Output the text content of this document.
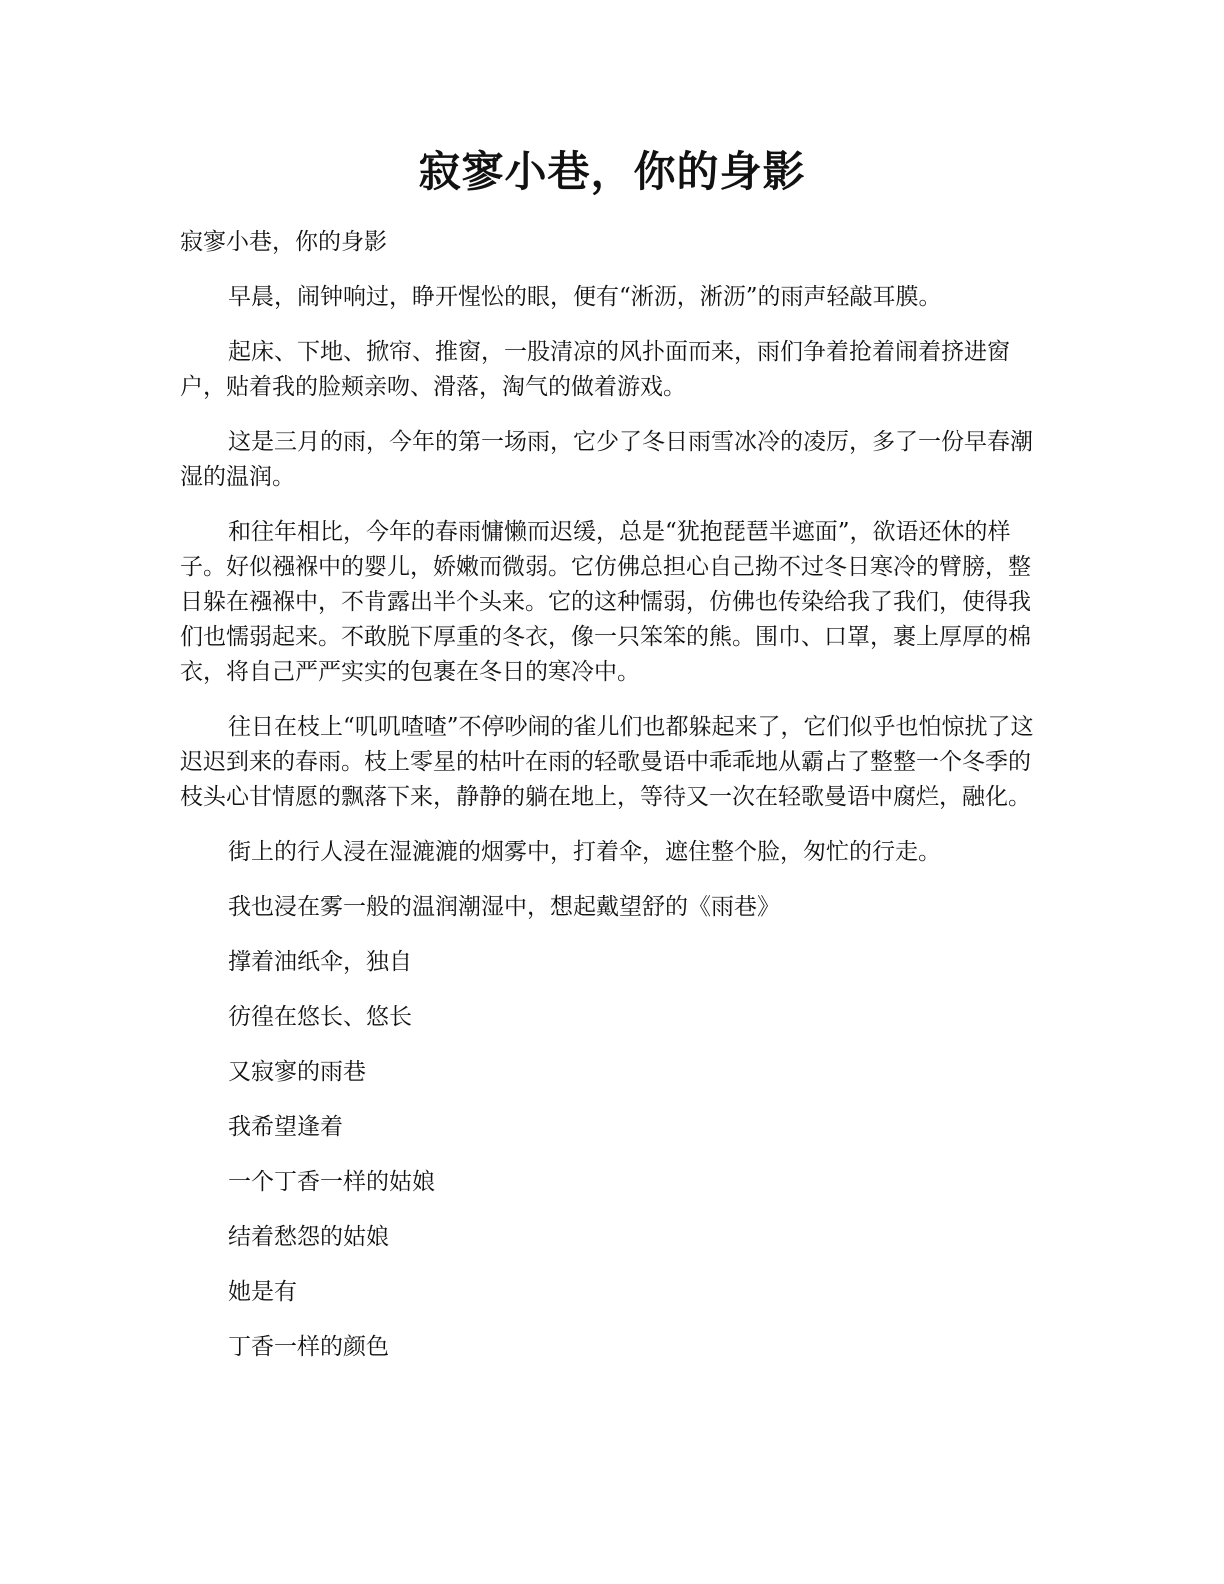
寂寥小巷，你的身影

寂寥小巷，你的身影

早晨，闹钟响过，睁开惺忪的眼，便有“淅沥，淅沥”的雨声轻敲耳膜。

起床、下地、掀帘、推窗，一股清凉的风扑面而来，雨们争着抢着闹着挤进窗户，贴着我的脸颊亲吻、滑落，淘气的做着游戏。

这是三月的雨，今年的第一场雨，它少了冬日雨雪冰冷的凌厉，多了一份早春潮湿的温润。

和往年相比，今年的春雨慵懒而迟缓，总是“犹抱琵琶半遮面”，欲语还休的样子。好似襁褓中的婴儿，娇嫩而微弱。它仿佛总担心自己拗不过冬日寒冷的臂膀，整日躲在襁褓中，不肯露出半个头来。它的这种懦弱，仿佛也传染给我了我们，使得我们也懦弱起来。不敢脱下厚重的冬衣，像一只笨笨的熊。围巾、口罩，裹上厚厚的棉衣，将自己严严实实的包裹在冬日的寒冷中。

往日在枝上“叽叽喳喳”不停吵闹的雀儿们也都躲起来了，它们似乎也怕惊扰了这迟迟到来的春雨。枝上零星的枯叶在雨的轻歌曼语中乖乖地从霸占了整整一个冬季的枝头心甘情愿的飘落下来，静静的躺在地上，等待又一次在轻歌曼语中腐烂，融化。

街上的行人浸在湿漉漉的烟雾中，打着伞，遮住整个脸，匆忙的行走。

我也浸在雾一般的温润潮湿中，想起戴望舒的《雨巷》

撑着油纸伞，独自

彷徨在悠长、悠长

又寂寥的雨巷

我希望逢着

一个丁香一样的姑娘

结着愁怨的姑娘

她是有

丁香一样的颜色
